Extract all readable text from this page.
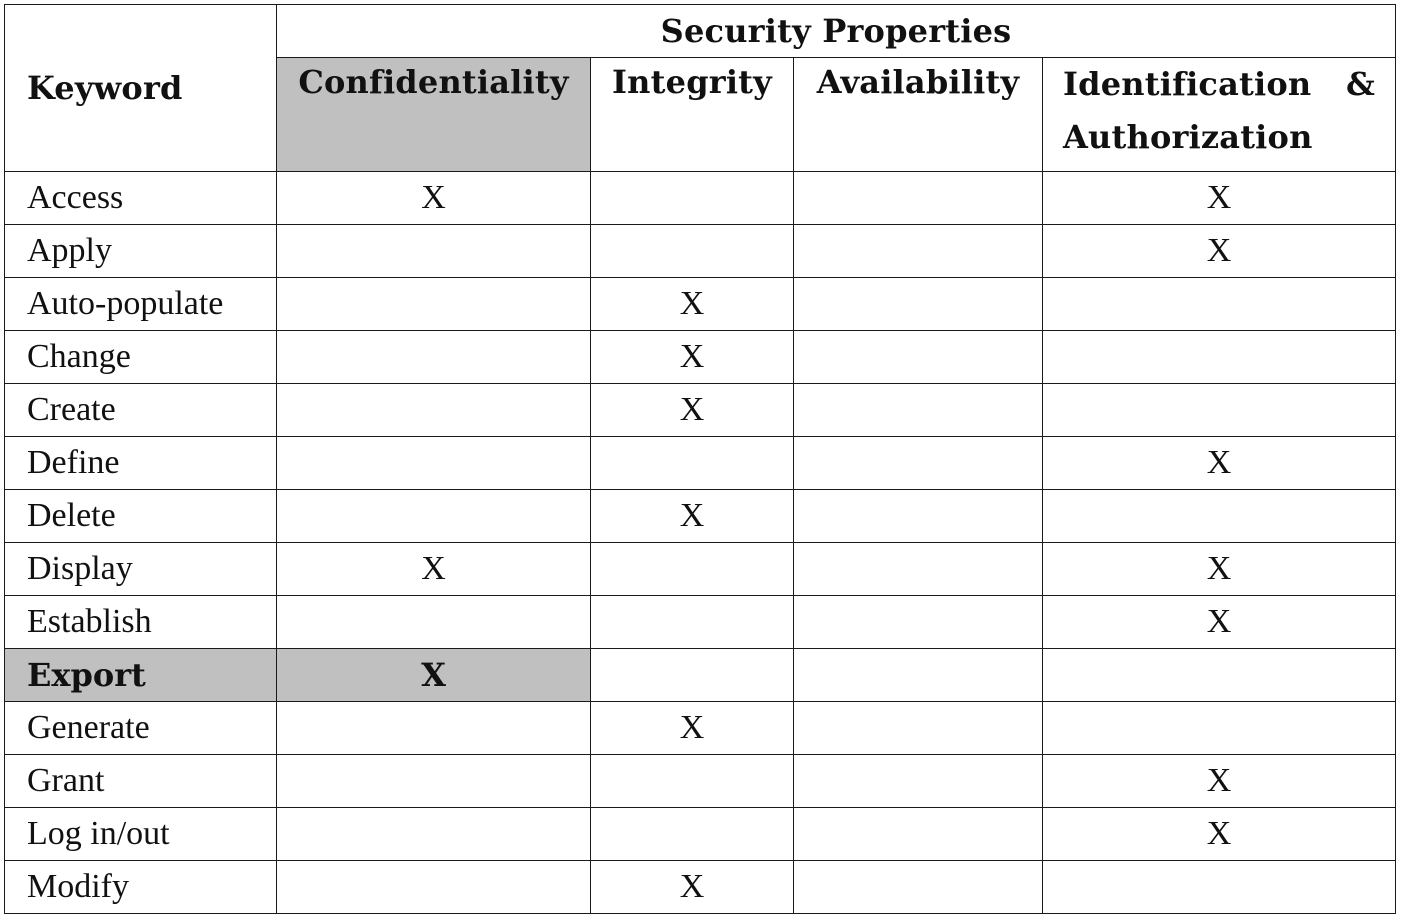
Keyword	Security Properties			
	Confidentiality	Integrity	Availability	Identification &
Authorization

Access	X			X
Apply				X
Auto-populate		X		
Change		X		
Create		X		
Define				X
Delete		X		
Display	X			X
Establish				X
Export	X			
Generate		X		
Grant				X
Log in/out				X
Modify		X		
